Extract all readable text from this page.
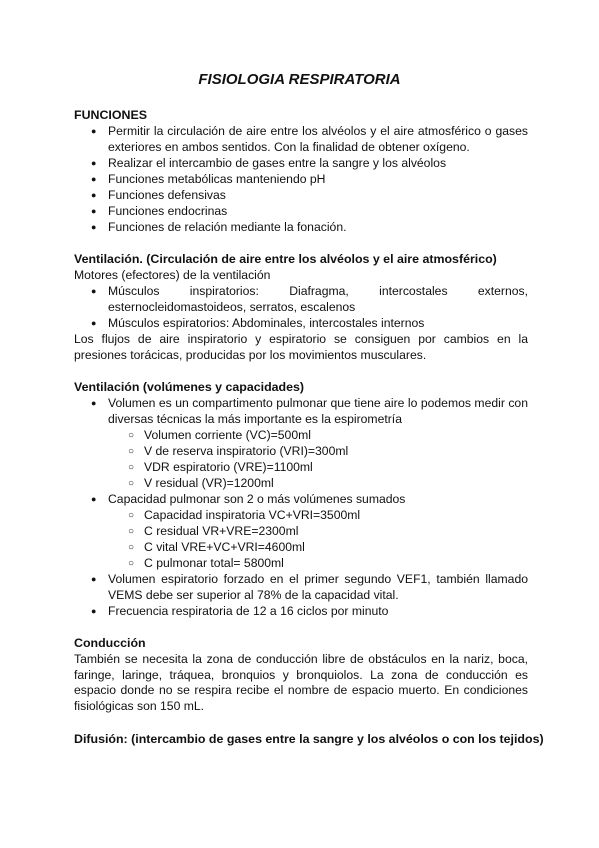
FISIOLOGIA RESPIRATORIA
FUNCIONES
● Permitir la circulación de aire entre los alvéolos y el aire atmosférico o gases exteriores en ambos sentidos. Con la finalidad de obtener oxígeno.
● Realizar el intercambio de gases entre la sangre y los alvéolos
● Funciones metabólicas manteniendo pH
● Funciones defensivas
● Funciones endocrinas
● Funciones de relación mediante la fonación.
Ventilación. (Circulación de aire entre los alvéolos y el aire atmosférico)
Motores (efectores) de la ventilación
● Músculos inspiratorios: Diafragma, intercostales externos, esternocleidomastoideos, serratos, escalenos
● Músculos espiratorios: Abdominales, intercostales internos
Los flujos de aire inspiratorio y espiratorio se consiguen por cambios en la presiones torácicas, producidas por los movimientos musculares.
Ventilación (volúmenes y capacidades)
● Volumen es un compartimento pulmonar que tiene aire lo podemos medir con diversas técnicas la más importante es la espirometría
○ Volumen corriente (VC)=500ml
○ V de reserva inspiratorio (VRI)=300ml
○ VDR espiratorio (VRE)=1100ml
○ V residual (VR)=1200ml
● Capacidad pulmonar son 2 o más volúmenes sumados
○ Capacidad inspiratoria VC+VRI=3500ml
○ C residual VR+VRE=2300ml
○ C vital VRE+VC+VRI=4600ml
○ C pulmonar total= 5800ml
● Volumen espiratorio forzado en el primer segundo VEF1, también llamado VEMS debe ser superior al 78% de la capacidad vital.
● Frecuencia respiratoria de 12 a 16 ciclos por minuto
Conducción
También se necesita la zona de conducción libre de obstáculos en la nariz, boca, faringe, laringe, tráquea, bronquios y bronquiolos. La zona de conducción es espacio donde no se respira recibe el nombre de espacio muerto. En condiciones fisiológicas son 150 mL.
Difusión: (intercambio de gases entre la sangre y los alvéolos o con los tejidos)
